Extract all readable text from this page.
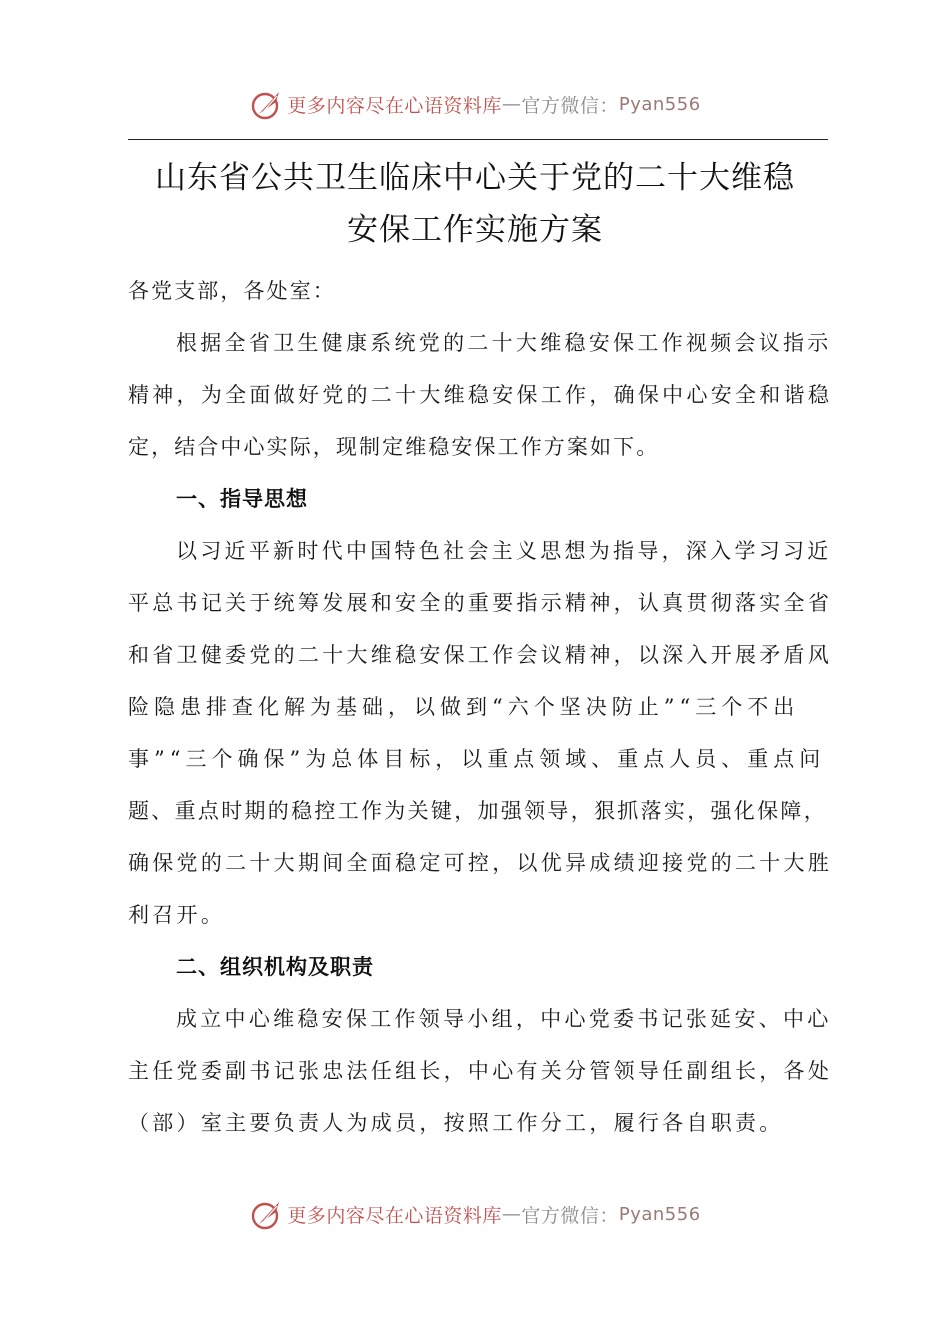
更多内容尽在心语资料库 — 官方微信： Pyan556
山东省公共卫生临床中心关于党的二十大维稳
安保工作实施方案
各党支部，各处室：
根据全省卫生健康系统党的二十大维稳安保工作视频会议指示
精神，为全面做好党的二十大维稳安保工作，确保中心安全和谐稳
定，结合中心实际，现制定维稳安保工作方案如下。
一、指导思想
以习近平新时代中国特色社会主义思想为指导，深入学习习近
平总书记关于统筹发展和安全的重要指示精神，认真贯彻落实全省
和省卫健委党的二十大维稳安保工作会议精神，以深入开展矛盾风
险隐患排查化解为基础，以做到“六个坚决防止”“三个不出
事”“三个确保”为总体目标，以重点领域、重点人员、重点问
题、重点时期的稳控工作为关键，加强领导，狠抓落实，强化保障，
确保党的二十大期间全面稳定可控，以优异成绩迎接党的二十大胜
利召开。
二、组织机构及职责
成立中心维稳安保工作领导小组，中心党委书记张延安、中心
主任党委副书记张忠法任组长，中心有关分管领导任副组长，各处
（部）室主要负责人为成员，按照工作分工，履行各自职责。
更多内容尽在心语资料库 — 官方微信： Pyan556
